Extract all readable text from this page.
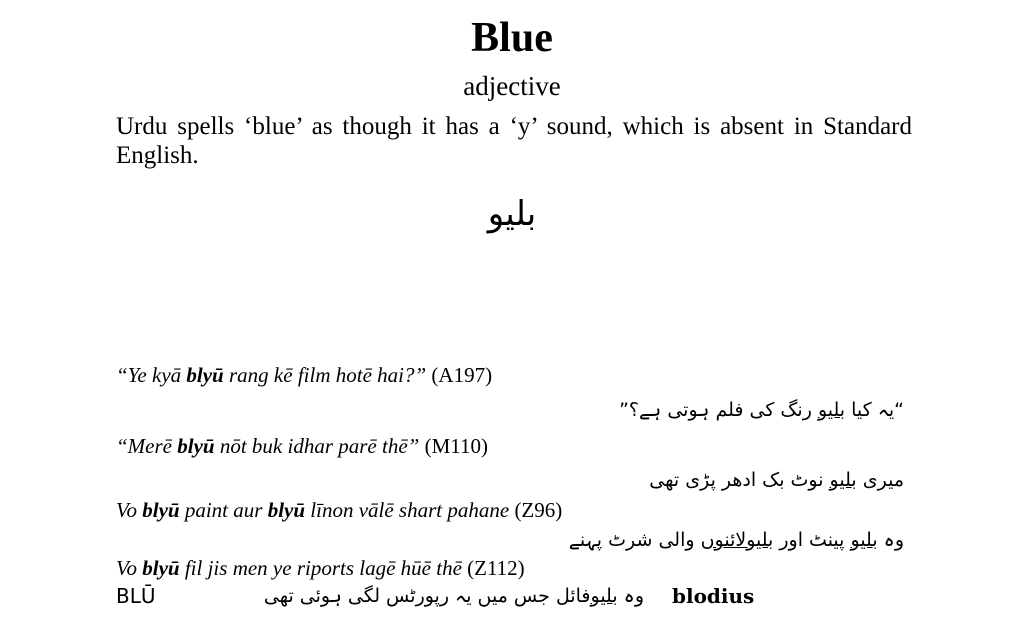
Blue
adjective
Urdu spells ‘blue’ as though it has a ‘y’ sound, which is absent in Standard English.
بلیو
“Ye kyā blyū rang kē film hotē hai?” (A197)
“یہ کیا بلیو رنگ کی فلم ہوتی ہے؟”
“Merē blyū nōt buk idhar parē thē” (M110)
میری بلیو نوٹ بک ادھر پڑی تھی
Vo blyū paint aur blyū līnon vālē shart pahane (Z96)
وہ بلیو پینٹ اور بلیولائنوں والی شرٹ پہنے
Vo blyū fil jis men ye riports lagē hūē thē (Z112)
وہ بلیوفائل جس میں یہ رپورٹس لگی ہوئی تھی
BLŪ	blodius
